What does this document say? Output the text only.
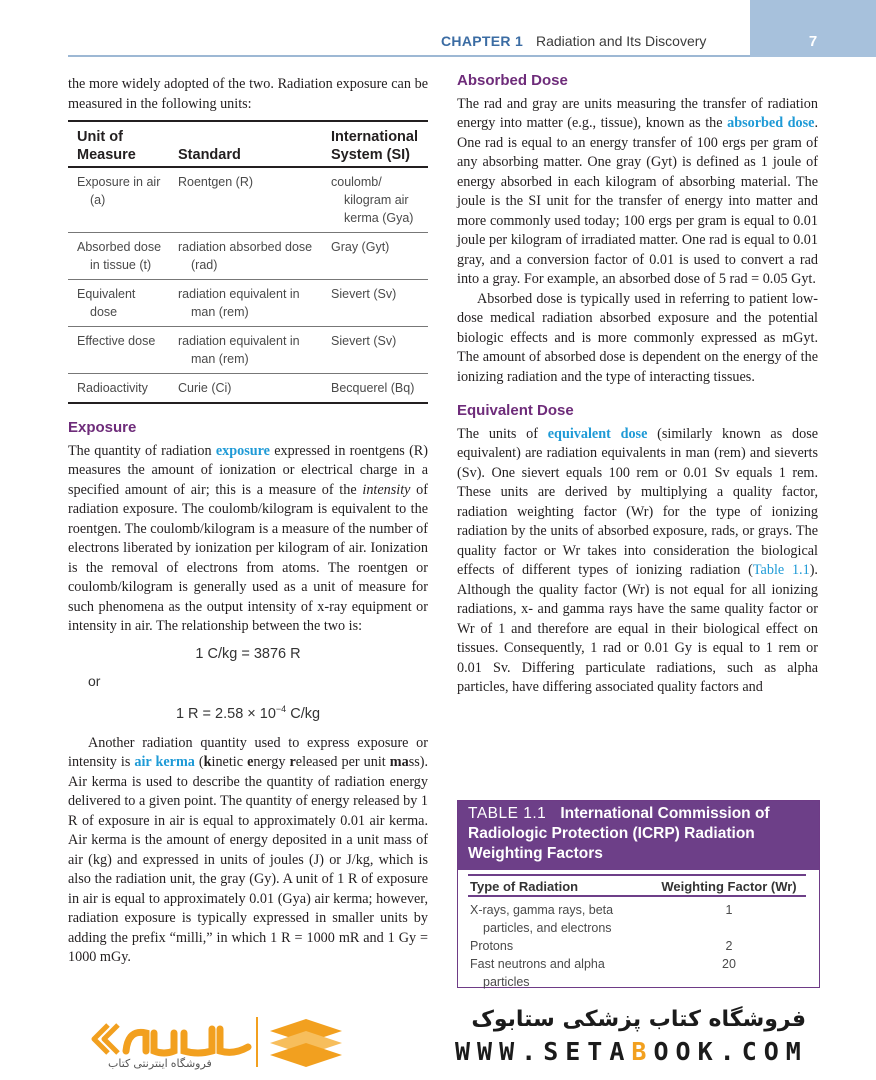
CHAPTER 1 Radiation and Its Discovery	7

the more widely adopted of the two. Radiation exposure can be measured in the following units:

Unit of Measure	Standard	International System (SI)

Exposure in air (a)	Roentgen (R)	coulomb/ kilogram air kerma (Gya)

Absorbed dose in tissue (t)	radiation absorbed dose (rad)	Gray (Gyt)

Equivalent dose	radiation equivalent in man (rem)	Sievert (Sv)

Effective dose	radiation equivalent in man (rem)	Sievert (Sv)

Radioactivity	Curie (Ci)	Becquerel (Bq)
Exposure

The quantity of radiation exposure expressed in roentgens (R) measures the amount of ionization or electrical charge in a specified amount of air; this is a measure of the intensity of radiation exposure. The coulomb/kilogram is equivalent to the roentgen. The coulomb/kilogram is a measure of the number of electrons liberated by ionization per kilogram of air. Ionization is the removal of electrons from atoms. The roentgen or coulomb/kilogram is generally used as a unit of measure for such phenomena as the output intensity of x-ray equipment or intensity in air. The relationship between the two is:

1 C/kg = 3876 R
or
1 $R = 2.58 \times 10^{-4}$ C/kg

Another radiation quantity used to express exposure or intensity is air kerma (kinetic energy released per unit mass). Air kerma is used to describe the quantity of radiation energy delivered to a given point. The quantity of energy released by 1 R of exposure in air is equal to approximately 0.01 air kerma. Air kerma is the amount of energy deposited in a unit mass of air (kg) and expressed in units of joules (J) or J/kg, which is also the radiation unit, the gray (Gy). A unit of 1 R of exposure in air is equal to approximately 0.01 (Gya) air kerma; however, radiation exposure is typically expressed in smaller units by adding the prefix “milli,” in which 1 R = 1000 mR and 1 Gy = 1000 mGy.

Absorbed Dose

The rad and gray are units measuring the transfer of radiation energy into matter (e.g., tissue), known as the absorbed dose. One rad is equal to an energy transfer of 100 ergs per gram of any absorbing matter. One gray (Gyt) is defined as 1 joule of energy absorbed in each kilogram of absorbing material. The joule is the SI unit for the transfer of energy into matter and more commonly used today; 100 ergs per gram is equal to 0.01 joule per kilogram of irradiated matter. One rad is equal to 0.01 gray, and a conversion factor of 0.01 is used to convert a rad into a gray. For example, an absorbed dose of 5 rad = 0.05 Gyt.

Absorbed dose is typically used in referring to patient low-dose medical radiation absorbed exposure and the potential biologic effects and is more commonly expressed as mGyt. The amount of absorbed dose is dependent on the energy of the ionizing radiation and the type of interacting tissues.

Equivalent Dose

The units of equivalent dose (similarly known as dose equivalent) are radiation equivalents in man (rem) and sieverts (Sv). One sievert equals 100 rem or 0.01 Sv equals 1 rem. These units are derived by multiplying a quality factor, radiation weighting factor (Wr) for the type of ionizing radiation by the units of absorbed exposure, rads, or grays. The quality factor or Wr takes into consideration the biological effects of different types of ionizing radiation (Table 1.1). Although the quality factor (Wr) is not equal for all ionizing radiations, x- and gamma rays have the same quality factor or Wr of 1 and therefore are equal in their biological effect on tissues. Consequently, 1 rad or 0.01 Gy is equal to 1 rem or 0.01 Sv. Differing particulate radiations, such as alpha particles, have differing associated quality factors and

TABLE 1.1 International Commission of Radiologic Protection (ICRP) Radiation Weighting Factors
Type of Radiation	Weighting Factor (Wr)

X-rays, gamma rays, beta particles, and electrons	1

Protons	2

Fast neutrons and alpha particles	20
فروشگاه اینترنتی کتاب
فروشگاه کتاب پزشکی ستابوک
WWW.SETABOOK.COM
